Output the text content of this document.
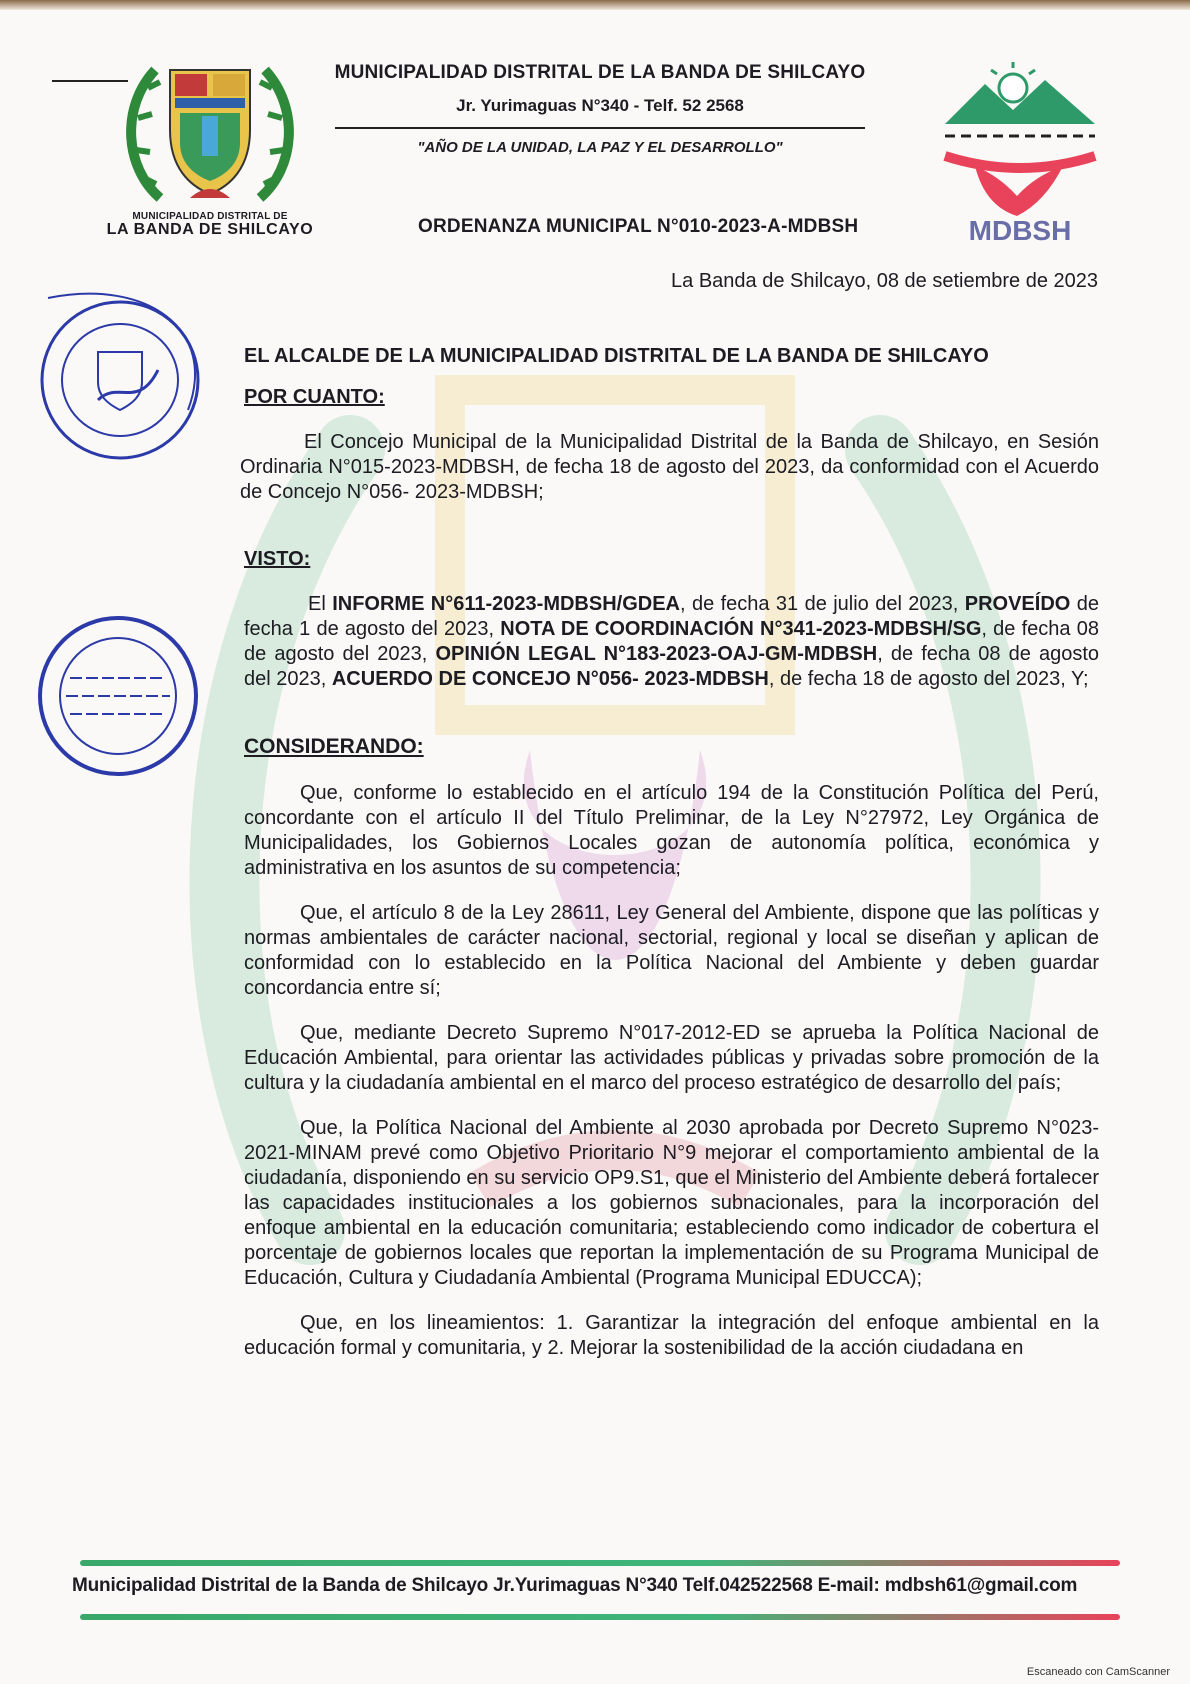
MUNICIPALIDAD DISTRITAL DE
LA BANDA DE SHILCAYO
MUNICIPALIDAD DISTRITAL DE LA BANDA DE SHILCAYO
Jr. Yurimaguas N°340 - Telf. 52 2568
"AÑO DE LA UNIDAD, LA PAZ Y EL DESARROLLO"
MDBSH
ORDENANZA MUNICIPAL N°010-2023-A-MDBSH
La Banda de Shilcayo, 08 de setiembre de 2023

EL ALCALDE DE LA MUNICIPALIDAD DISTRITAL DE LA BANDA DE SHILCAYO

POR CUANTO:

El Concejo Municipal de la Municipalidad Distrital de la Banda de Shilcayo, en Sesión Ordinaria N°015-2023-MDBSH, de fecha 18 de agosto del 2023, da conformidad con el Acuerdo de Concejo N°056- 2023-MDBSH;

VISTO:

El INFORME N°611-2023-MDBSH/GDEA, de fecha 31 de julio del 2023, PROVEÍDO de fecha 1 de agosto del 2023, NOTA DE COORDINACIÓN N°341-2023-MDBSH/SG, de fecha 08 de agosto del 2023, OPINIÓN LEGAL N°183-2023-OAJ-GM-MDBSH, de fecha 08 de agosto del 2023, ACUERDO DE CONCEJO N°056- 2023-MDBSH, de fecha 18 de agosto del 2023, Y;

CONSIDERANDO:

Que, conforme lo establecido en el artículo 194 de la Constitución Política del Perú, concordante con el artículo II del Título Preliminar, de la Ley N°27972, Ley Orgánica de Municipalidades, los Gobiernos Locales gozan de autonomía política, económica y administrativa en los asuntos de su competencia;

Que, el artículo 8 de la Ley 28611, Ley General del Ambiente, dispone que las políticas y normas ambientales de carácter nacional, sectorial, regional y local se diseñan y aplican de conformidad con lo establecido en la Política Nacional del Ambiente y deben guardar concordancia entre sí;

Que, mediante Decreto Supremo N°017-2012-ED se aprueba la Política Nacional de Educación Ambiental, para orientar las actividades públicas y privadas sobre promoción de la cultura y la ciudadanía ambiental en el marco del proceso estratégico de desarrollo del país;

Que, la Política Nacional del Ambiente al 2030 aprobada por Decreto Supremo N°023-2021-MINAM prevé como Objetivo Prioritario N°9 mejorar el comportamiento ambiental de la ciudadanía, disponiendo en su servicio OP9.S1, que el Ministerio del Ambiente deberá fortalecer las capacidades institucionales a los gobiernos subnacionales, para la incorporación del enfoque ambiental en la educación comunitaria; estableciendo como indicador de cobertura el porcentaje de gobiernos locales que reportan la implementación de su Programa Municipal de Educación, Cultura y Ciudadanía Ambiental (Programa Municipal EDUCCA);

Que, en los lineamientos: 1. Garantizar la integración del enfoque ambiental en la educación formal y comunitaria, y 2. Mejorar la sostenibilidad de la acción ciudadana en

Municipalidad Distrital de la Banda de Shilcayo Jr.Yurimaguas N°340 Telf.042522568 E-mail: mdbsh61@gmail.com
Escaneado con CamScanner
